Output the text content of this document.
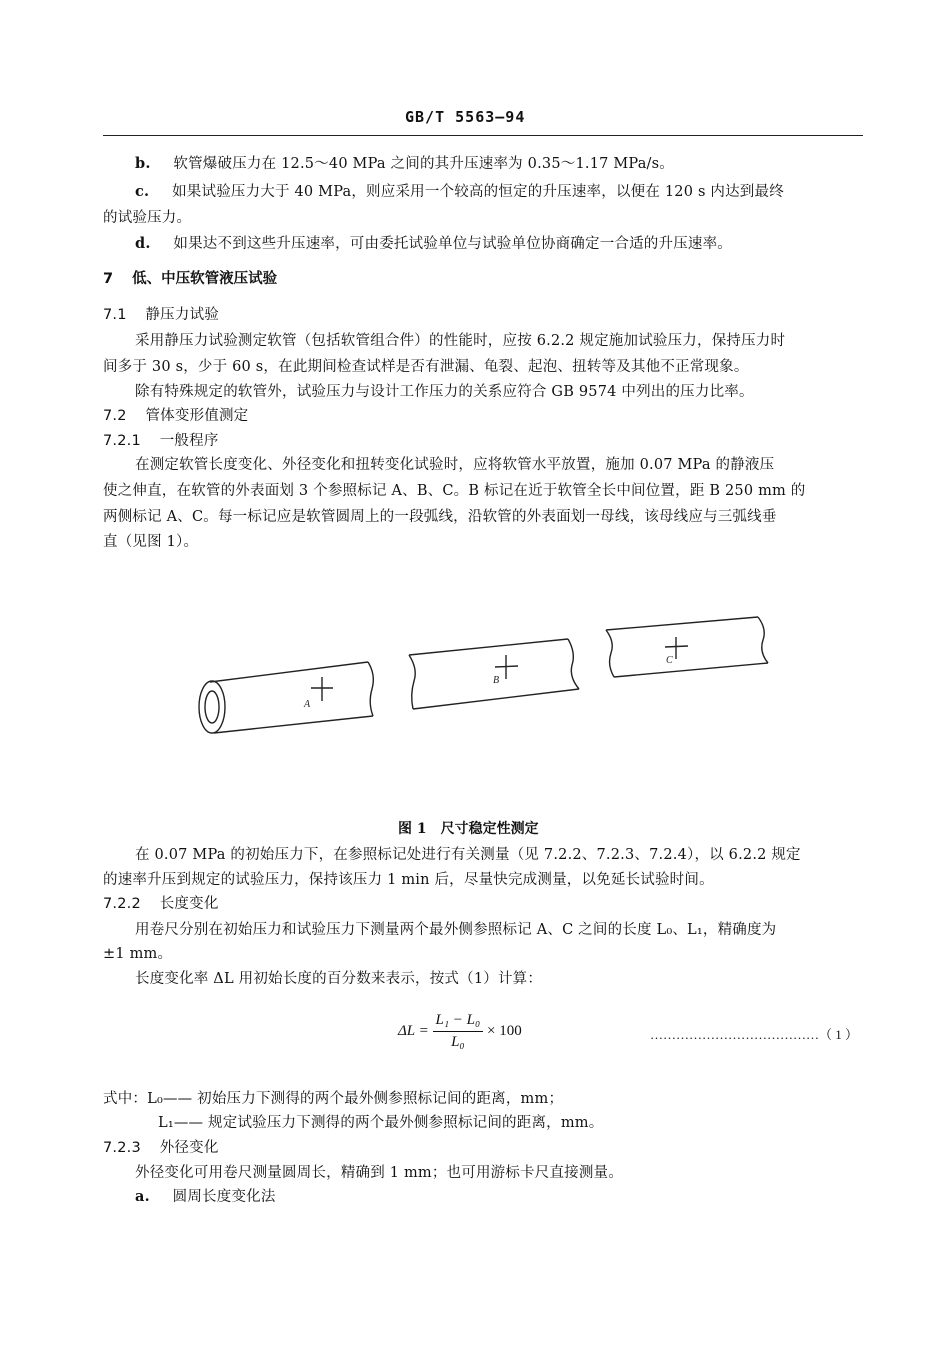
GB/T 5563—94
b. 软管爆破压力在 12.5～40 MPa 之间的其升压速率为 0.35～1.17 MPa/s。
c. 如果试验压力大于 40 MPa，则应采用一个较高的恒定的升压速率，以便在 120 s 内达到最终
的试验压力。
d. 如果达不到这些升压速率，可由委托试验单位与试验单位协商确定一合适的升压速率。
7 低、中压软管液压试验
7.1 静压力试验
采用静压力试验测定软管（包括软管组合件）的性能时，应按 6.2.2 规定施加试验压力，保持压力时
间多于 30 s，少于 60 s，在此期间检查试样是否有泄漏、龟裂、起泡、扭转等及其他不正常现象。
除有特殊规定的软管外，试验压力与设计工作压力的关系应符合 GB 9574 中列出的压力比率。
7.2 管体变形值测定
7.2.1 一般程序
在测定软管长度变化、外径变化和扭转变化试验时，应将软管水平放置，施加 0.07 MPa 的静液压
使之伸直，在软管的外表面划 3 个参照标记 A、B、C。B 标记在近于软管全长中间位置，距 B 250 mm 的
两侧标记 A、C。每一标记应是软管圆周上的一段弧线，沿软管的外表面划一母线，该母线应与三弧线垂
直（见图 1）。
A
B
C
图 1　尺寸稳定性测定
在 0.07 MPa 的初始压力下，在参照标记处进行有关测量（见 7.2.2、7.2.3、7.2.4），以 6.2.2 规定
的速率升压到规定的试验压力，保持该压力 1 min 后，尽量快完成测量，以免延长试验时间。
7.2.2 长度变化
用卷尺分别在初始压力和试验压力下测量两个最外侧参照标记 A、C 之间的长度 L₀、L₁，精确度为
±1 mm。
长度变化率 ΔL 用初始长度的百分数来表示，按式（1）计算：
$\Delta L = \frac{\text{L₁ − L₀}}{\text{L₀}} \times 100$	…………………………………（ 1 ）
式中：L₀—— 初始压力下测得的两个最外侧参照标记间的距离，mm；
L₁—— 规定试验压力下测得的两个最外侧参照标记间的距离，mm。
7.2.3 外径变化
外径变化可用卷尺测量圆周长，精确到 1 mm；也可用游标卡尺直接测量。
a. 圆周长度变化法
